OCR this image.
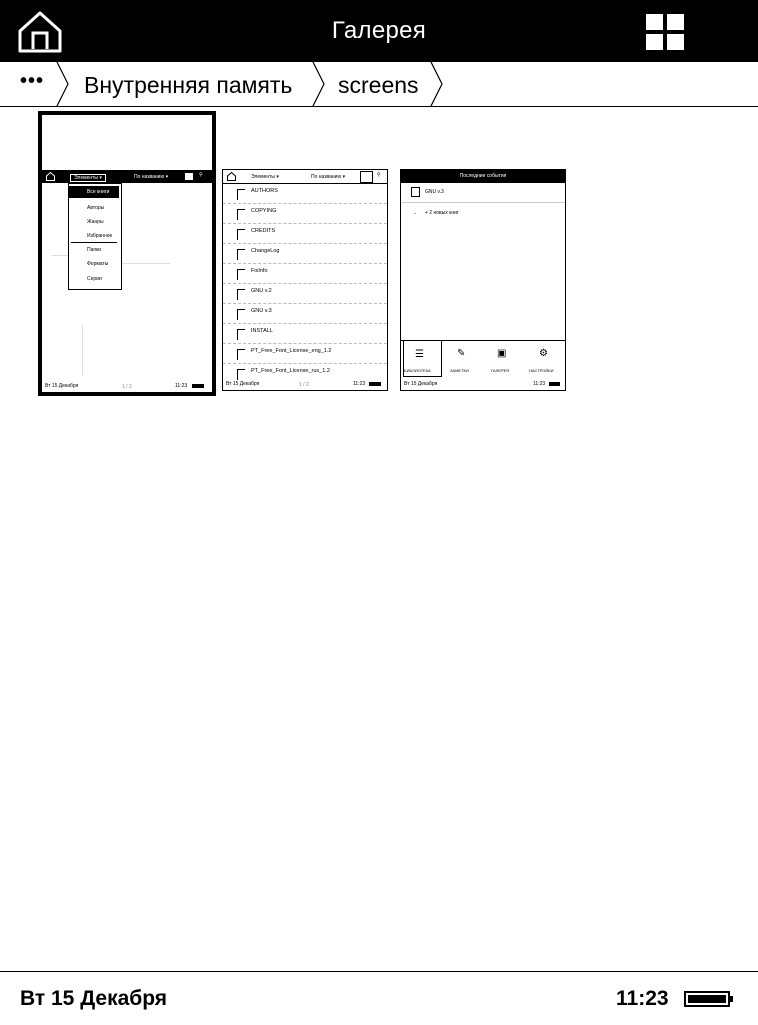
Галерея
••• Внутренняя память screens
Элементы ▾	По названию ▾	⚲
Все книги
Авторы
Жанры
Избранное
Папки
Форматы
Серии
Вт 15 Декабря	1 / 2	11:23
Элементы ▾	По названию ▾	⚲
AUTHORS
COPYING
CREDITS
ChangeLog
FixInfo
GNU v.2
GNU v.3
INSTALL
PT_Free_Font_License_eng_1.2
PT_Free_Font_License_rus_1.2
Вт 15 Декабря	1 / 2	11:23
Последние события
GNU v.3
⌄ + 2 новых книг
☰	✎	▣	⚙
БИБЛИОТЕКА	ЗАМЕТКИ	ГАЛЕРЕЯ	НАСТРОЙКИ
Вт 15 Декабря	11:23
Вт 15 Декабря	11:23
